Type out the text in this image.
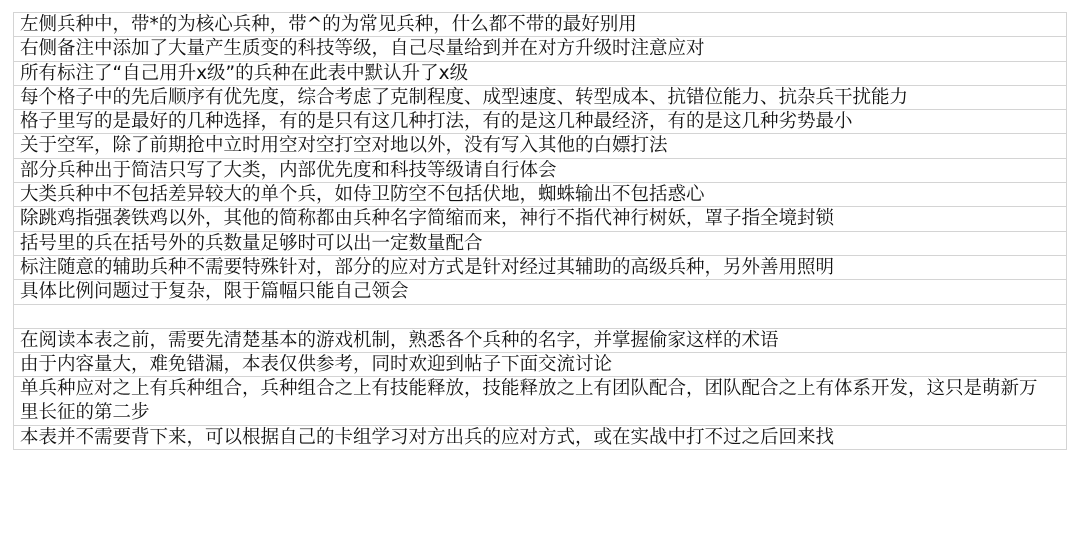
左侧兵种中，带*的为核心兵种，带^的为常见兵种，什么都不带的最好别用
右侧备注中添加了大量产生质变的科技等级，自己尽量给到并在对方升级时注意应对
所有标注了“自己用升x级”的兵种在此表中默认升了x级
每个格子中的先后顺序有优先度，综合考虑了克制程度、成型速度、转型成本、抗错位能力、抗杂兵干扰能力
格子里写的是最好的几种选择，有的是只有这几种打法，有的是这几种最经济，有的是这几种劣势最小
关于空军，除了前期抢中立时用空对空打空对地以外，没有写入其他的白嫖打法
部分兵种出于简洁只写了大类，内部优先度和科技等级请自行体会
大类兵种中不包括差异较大的单个兵，如侍卫防空不包括伏地，蜘蛛输出不包括惑心
除跳鸡指强袭铁鸡以外，其他的简称都由兵种名字简缩而来，神行不指代神行树妖，罩子指全境封锁
括号里的兵在括号外的兵数量足够时可以出一定数量配合
标注随意的辅助兵种不需要特殊针对，部分的应对方式是针对经过其辅助的高级兵种，另外善用照明
具体比例问题过于复杂，限于篇幅只能自己领会
在阅读本表之前，需要先清楚基本的游戏机制，熟悉各个兵种的名字，并掌握偷家这样的术语
由于内容量大，难免错漏，本表仅供参考，同时欢迎到帖子下面交流讨论
单兵种应对之上有兵种组合，兵种组合之上有技能释放，技能释放之上有团队配合，团队配合之上有体系开发，这只是萌新万里长征的第二步
本表并不需要背下来，可以根据自己的卡组学习对方出兵的应对方式，或在实战中打不过之后回来找
